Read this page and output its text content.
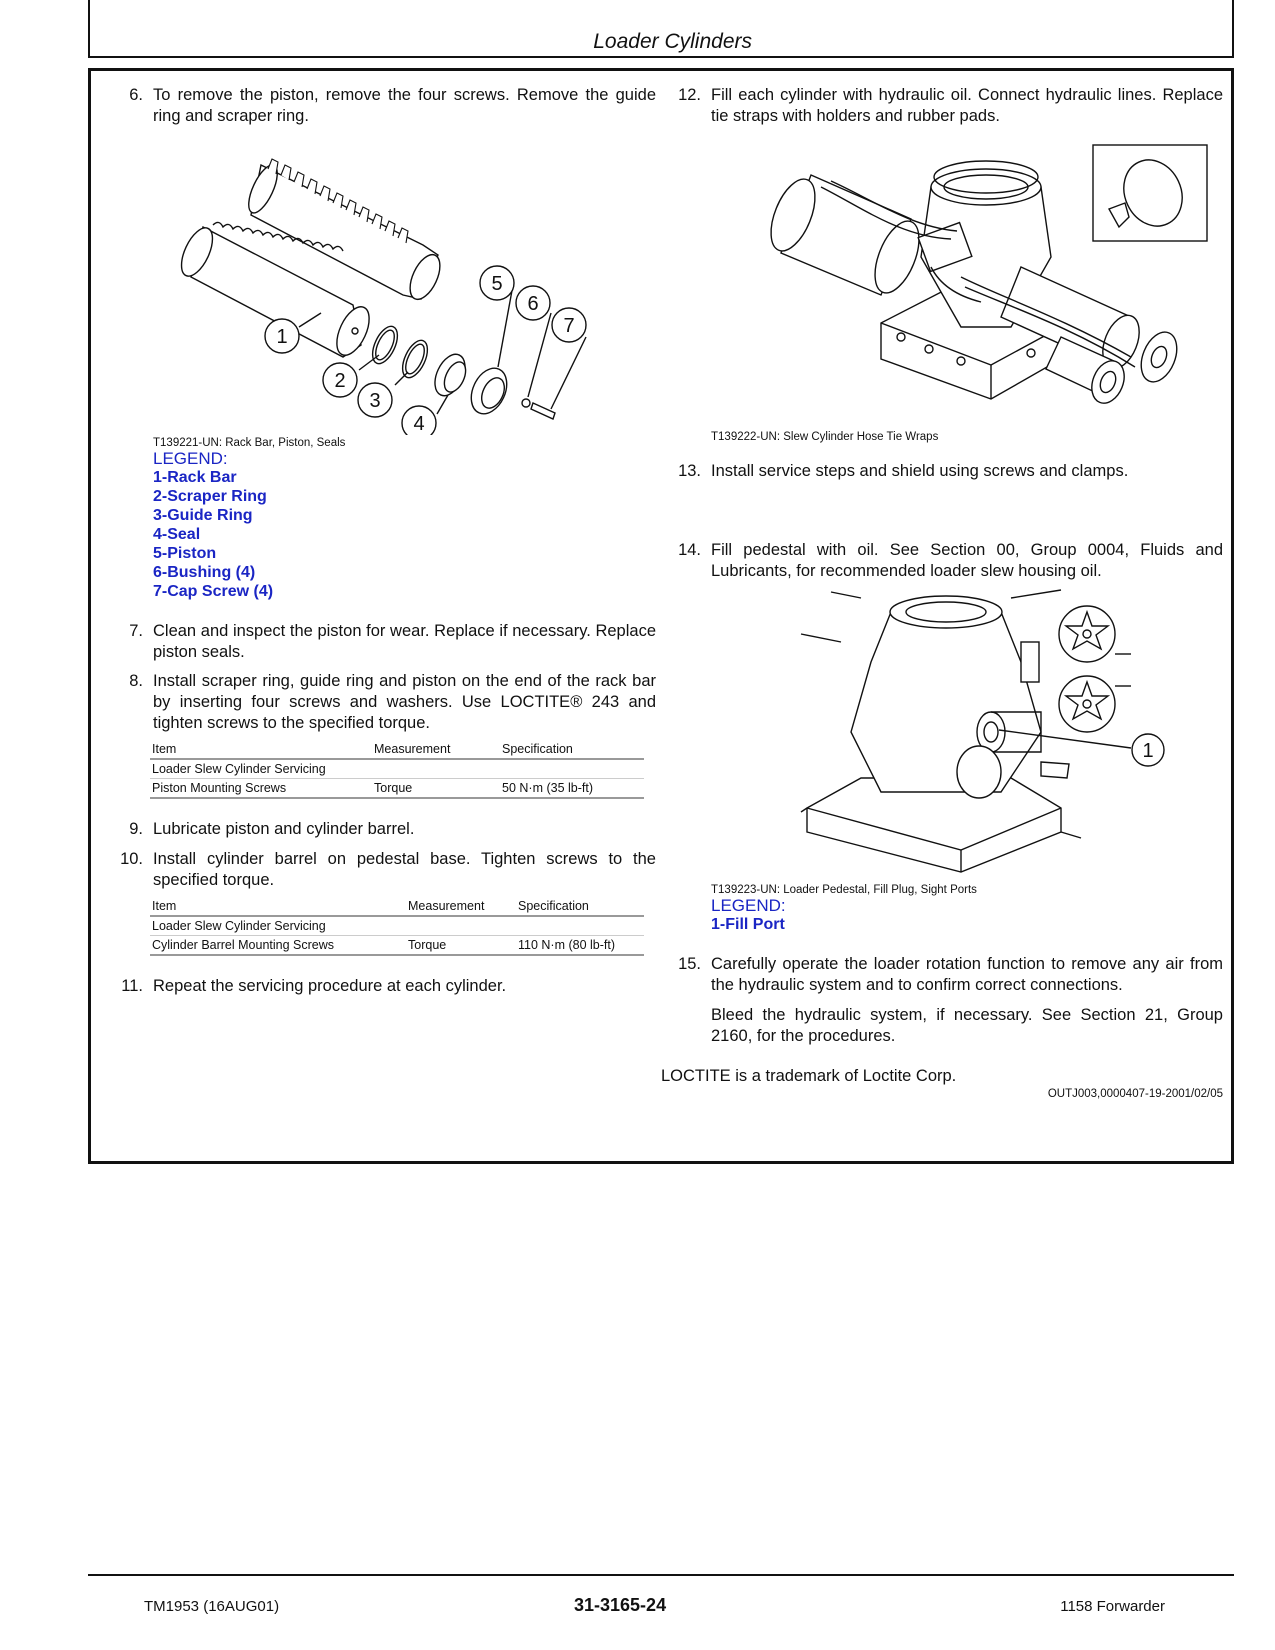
Loader Cylinders

6. To remove the piston, remove the four screws. Remove the guide ring and scraper ring.

1
2
3
4
5
6
7
T139221-UN: Rack Bar, Piston, Seals
LEGEND:
1-Rack Bar
2-Scraper Ring
3-Guide Ring
4-Seal
5-Piston
6-Bushing (4)
7-Cap Screw (4)

7. Clean and inspect the piston for wear. Replace if necessary. Replace piston seals.

8. Install scraper ring, guide ring and piston on the end of the rack bar by inserting four screws and washers. Use LOCTITE® 243 and tighten screws to the specified torque.

Item	Measurement	Specification
Loader Slew Cylinder Servicing		
Piston Mounting Screws	Torque	50 N·m (35 lb-ft)

9. Lubricate piston and cylinder barrel.

10. Install cylinder barrel on pedestal base. Tighten screws to the specified torque.

Item	Measurement	Specification
Loader Slew Cylinder Servicing		
Cylinder Barrel Mounting Screws	Torque	110 N·m (80 lb-ft)

11. Repeat the servicing procedure at each cylinder.

12. Fill each cylinder with hydraulic oil. Connect hydraulic lines. Replace tie straps with holders and rubber pads.

T139222-UN: Slew Cylinder Hose Tie Wraps

13. Install service steps and shield using screws and clamps.

14. Fill pedestal with oil. See Section 00, Group 0004, Fluids and Lubricants, for recommended loader slew housing oil.

1
T139223-UN: Loader Pedestal, Fill Plug, Sight Ports
LEGEND:
1-Fill Port

15. Carefully operate the loader rotation function to remove any air from the hydraulic system and to confirm correct connections.

Bleed the hydraulic system, if necessary. See Section 21, Group 2160, for the procedures.
LOCTITE is a trademark of Loctite Corp.
OUTJ003,0000407-19-2001/02/05
TM1953 (16AUG01)	31-3165-24	1158 Forwarder
